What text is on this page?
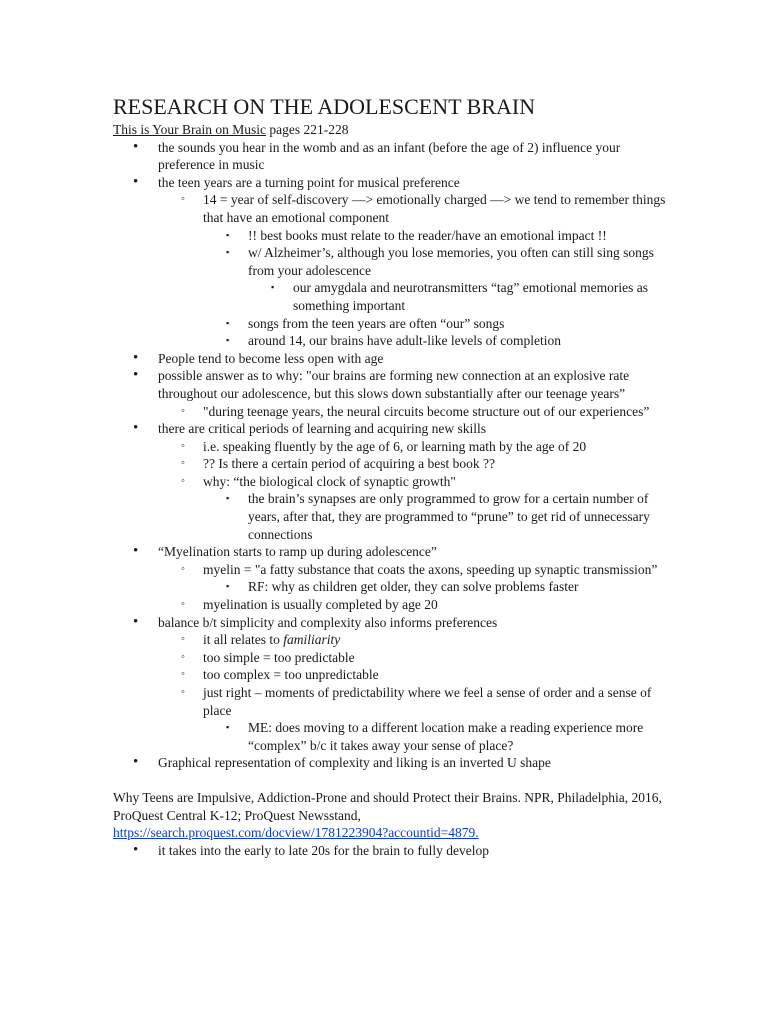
RESEARCH ON THE ADOLESCENT BRAIN
This is Your Brain on Music pages 221-228
• the sounds you hear in the womb and as an infant (before the age of 2) influence your preference in music
• the teen years are a turning point for musical preference
◦ 14 = year of self-discovery —> emotionally charged —> we tend to remember things that have an emotional component
▪ !! best books must relate to the reader/have an emotional impact !!
▪ w/ Alzheimer’s, although you lose memories, you often can still sing songs from your adolescence
▪ our amygdala and neurotransmitters “tag” emotional memories as something important
▪ songs from the teen years are often “our” songs
▪ around 14, our brains have adult-like levels of completion
• People tend to become less open with age
• possible answer as to why: "our brains are forming new connection at an explosive rate throughout our adolescence, but this slows down substantially after our teenage years”
◦ "during teenage years, the neural circuits become structure out of our experiences”
• there are critical periods of learning and acquiring new skills
◦ i.e. speaking fluently by the age of 6, or learning math by the age of 20
◦ ?? Is there a certain period of acquiring a best book ??
◦ why: “the biological clock of synaptic growth"
▪ the brain’s synapses are only programmed to grow for a certain number of years, after that, they are programmed to “prune” to get rid of unnecessary connections
• “Myelination starts to ramp up during adolescence”
◦ myelin = "a fatty substance that coats the axons, speeding up synaptic transmission”
▪ RF: why as children get older, they can solve problems faster
◦ myelination is usually completed by age 20
• balance b/t simplicity and complexity also informs preferences
◦ it all relates to familiarity
◦ too simple = too predictable
◦ too complex = too unpredictable
◦ just right – moments of predictability where we feel a sense of order and a sense of place
▪ ME: does moving to a different location make a reading experience more “complex” b/c it takes away your sense of place?
• Graphical representation of complexity and liking is an inverted U shape
Why Teens are Impulsive, Addiction-Prone and should Protect their Brains. NPR, Philadelphia, 2016, ProQuest Central K-12; ProQuest Newsstand,
https://search.proquest.com/docview/1781223904?accountid=4879.
• it takes into the early to late 20s for the brain to fully develop
